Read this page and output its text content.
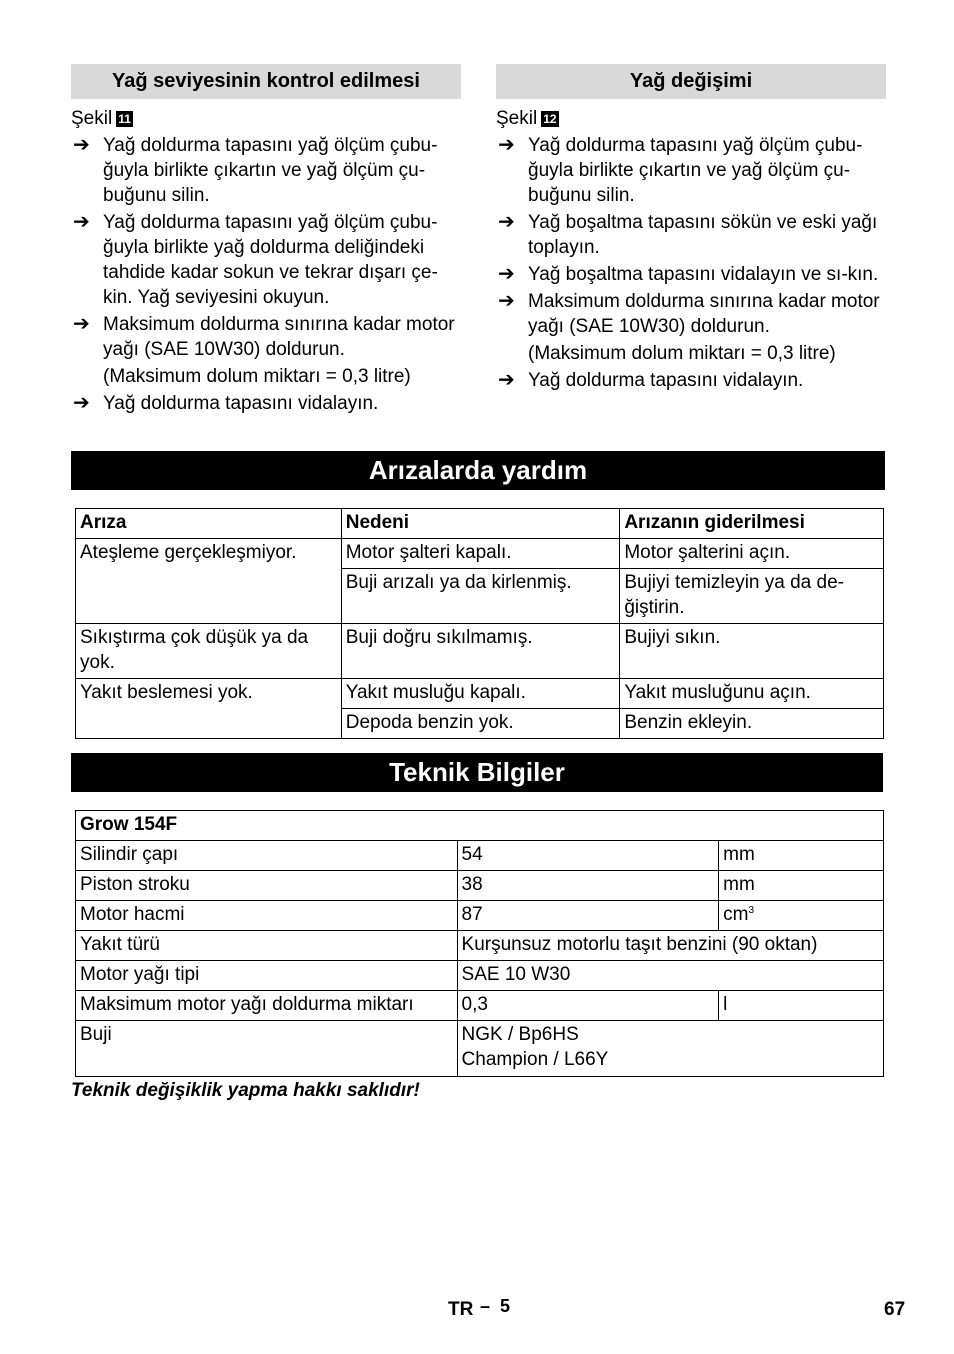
Yağ seviyesinin kontrol edilmesi
Şekil 11
➔ Yağ doldurma tapasını yağ ölçüm çubu-ğuyla birlikte çıkartın ve yağ ölçüm çu-buğunu silin.
➔ Yağ doldurma tapasını yağ ölçüm çubu-ğuyla birlikte yağ doldurma deliğindeki tahdide kadar sokun ve tekrar dışarı çe-kin. Yağ seviyesini okuyun.
➔ Maksimum doldurma sınırına kadar motor yağı (SAE 10W30) doldurun.
(Maksimum dolum miktarı = 0,3 litre)
➔ Yağ doldurma tapasını vidalayın.
Yağ değişimi
Şekil 12
➔ Yağ doldurma tapasını yağ ölçüm çubu-ğuyla birlikte çıkartın ve yağ ölçüm çu-buğunu silin.
➔ Yağ boşaltma tapasını sökün ve eski yağı toplayın.
➔ Yağ boşaltma tapasını vidalayın ve sı-kın.
➔ Maksimum doldurma sınırına kadar motor yağı (SAE 10W30) doldurun.
(Maksimum dolum miktarı = 0,3 litre)
➔ Yağ doldurma tapasını vidalayın.
Arızalarda yardım
Arıza	Nedeni	Arızanın giderilmesi
Ateşleme gerçekleşmiyor.	Motor şalteri kapalı.	Motor şalterini açın.
	Buji arızalı ya da kirlenmiş.	Bujiyi temizleyin ya da de-ğiştirin.
Sıkıştırma çok düşük ya da yok.	Buji doğru sıkılmamış.	Bujiyi sıkın.
Yakıt beslemesi yok.	Yakıt musluğu kapalı.	Yakıt musluğunu açın.
	Depoda benzin yok.	Benzin ekleyin.
Teknik Bilgiler
Grow 154F		
Silindir çapı	54	mm
Piston stroku	38	mm
Motor hacmi	87	$cm^3$
Yakıt türü	Kurşunsuz motorlu taşıt benzini (90 oktan)	
Motor yağı tipi	SAE 10 W30	
Maksimum motor yağı doldurma miktarı	0,3	l
Buji	NGK / Bp6HS
Champion / L66Y	
Teknik değişiklik yapma hakkı saklıdır!
TR – 5	67
